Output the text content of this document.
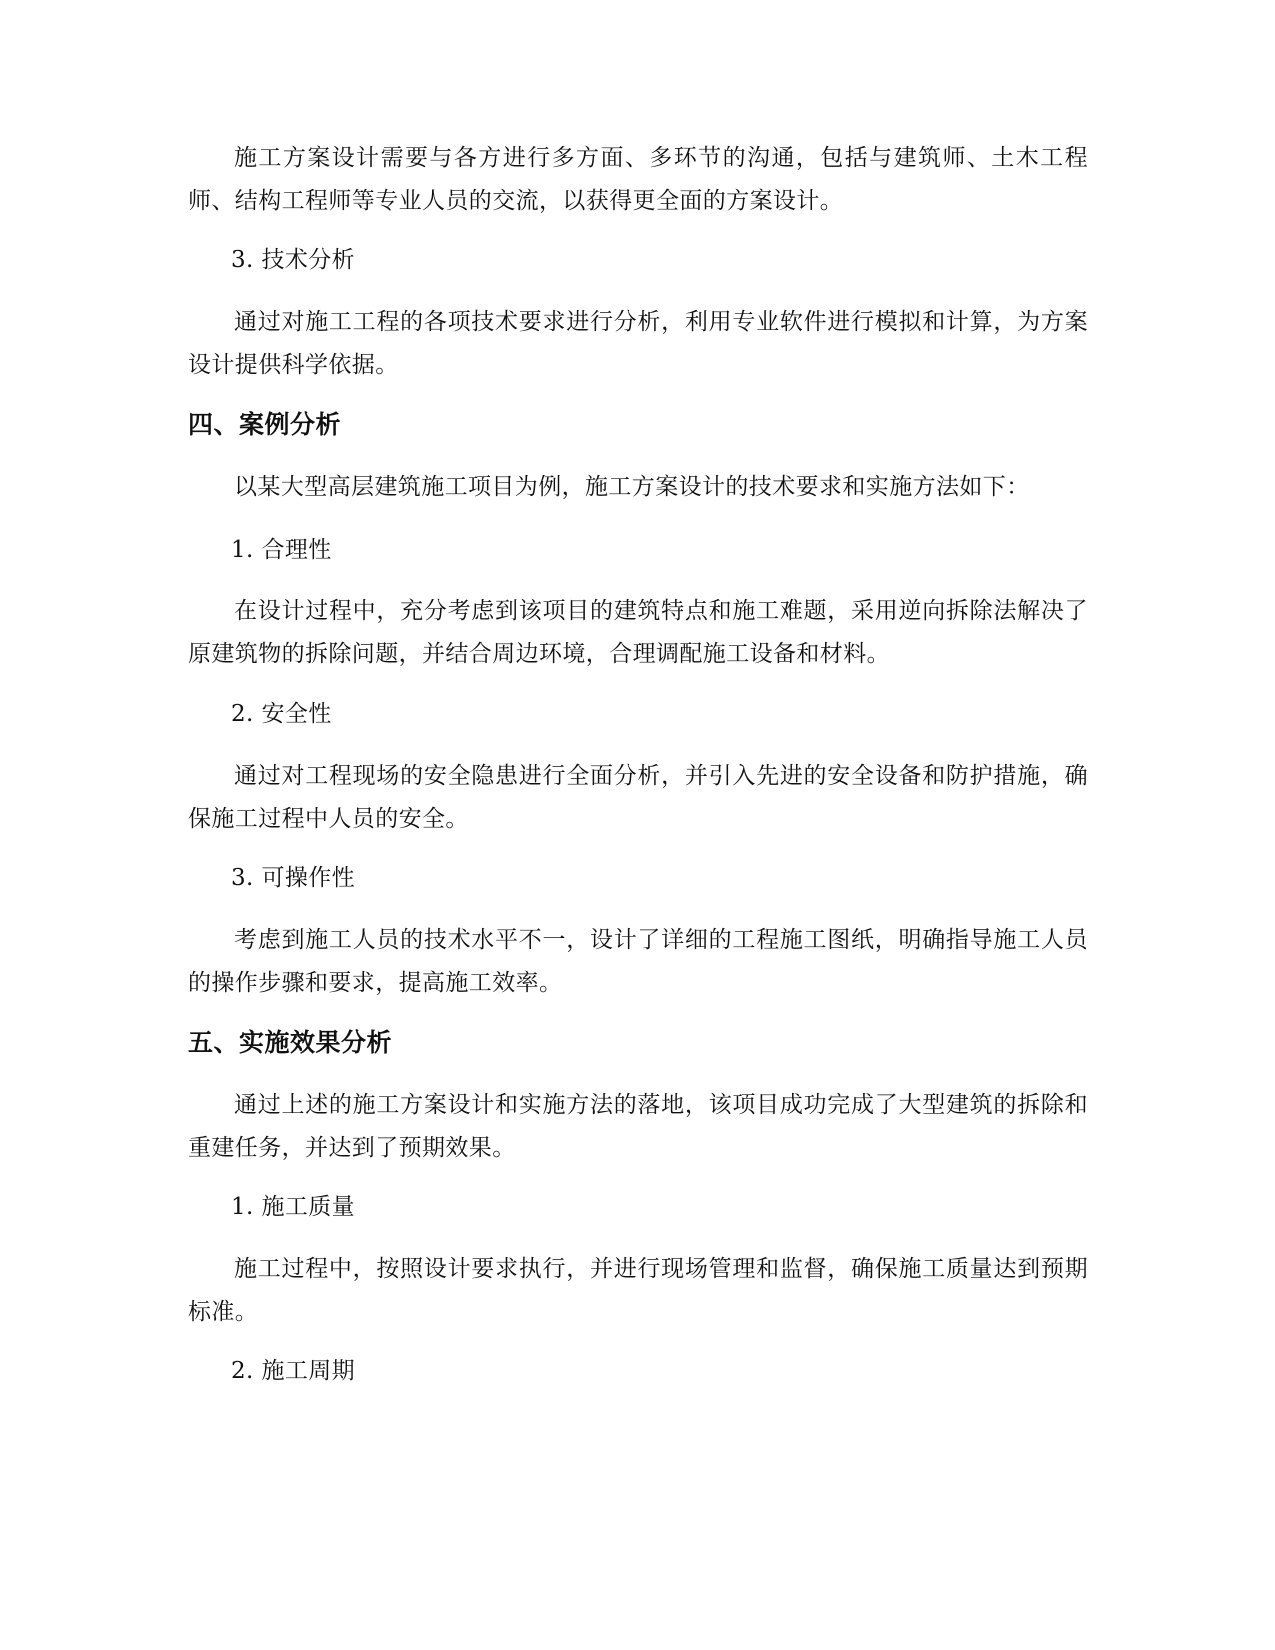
施工方案设计需要与各方进行多方面、多环节的沟通，包括与建筑师、土木工程师、结构工程师等专业人员的交流，以获得更全面的方案设计。

3. 技术分析

通过对施工工程的各项技术要求进行分析，利用专业软件进行模拟和计算，为方案设计提供科学依据。

四、案例分析

以某大型高层建筑施工项目为例，施工方案设计的技术要求和实施方法如下：

1. 合理性

在设计过程中，充分考虑到该项目的建筑特点和施工难题，采用逆向拆除法解决了原建筑物的拆除问题，并结合周边环境，合理调配施工设备和材料。

2. 安全性

通过对工程现场的安全隐患进行全面分析，并引入先进的安全设备和防护措施，确保施工过程中人员的安全。

3. 可操作性

考虑到施工人员的技术水平不一，设计了详细的工程施工图纸，明确指导施工人员的操作步骤和要求，提高施工效率。

五、实施效果分析

通过上述的施工方案设计和实施方法的落地，该项目成功完成了大型建筑的拆除和重建任务，并达到了预期效果。

1. 施工质量

施工过程中，按照设计要求执行，并进行现场管理和监督，确保施工质量达到预期标准。

2. 施工周期
